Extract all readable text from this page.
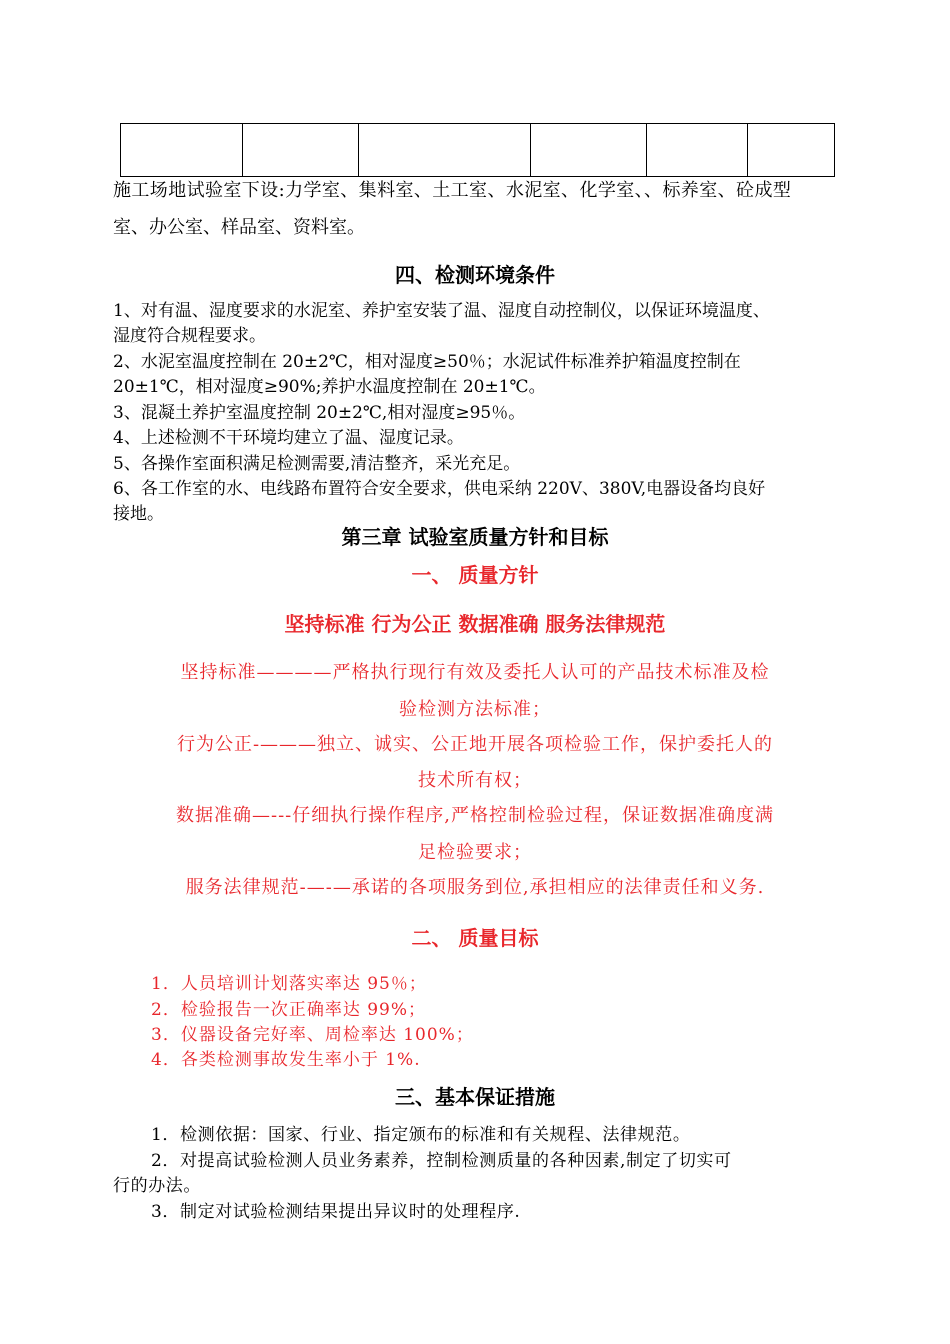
施工场地试验室下设:力学室、集料室、土工室、水泥室、化学室、、标养室、砼成型
室、办公室、样品室、资料室。
四、检测环境条件
1、对有温、湿度要求的水泥室、养护室安装了温、湿度自动控制仪，以保证环境温度、
湿度符合规程要求。
2、水泥室温度控制在 20±2℃，相对湿度≥50％；水泥试件标准养护箱温度控制在
20±1℃，相对湿度≥90%;养护水温度控制在 20±1℃。
3、混凝土养护室温度控制 20±2℃,相对湿度≥95％。
4、上述检测不干环境均建立了温、湿度记录。
5、各操作室面积满足检测需要,清洁整齐，采光充足。
6、各工作室的水、电线路布置符合安全要求，供电采纳 220V、380V,电器设备均良好
接地。
第三章 试验室质量方针和目标
一、 质量方针
坚持标准 行为公正 数据准确 服务法律规范
坚持标准————严格执行现行有效及委托人认可的产品技术标准及检
验检测方法标准；
行为公正-———独立、诚实、公正地开展各项检验工作，保护委托人的
技术所有权；
数据准确—---仔细执行操作程序,严格控制检验过程，保证数据准确度满
足检验要求；
服务法律规范-—-—承诺的各项服务到位,承担相应的法律责任和义务.
二、 质量目标
1．人员培训计划落实率达 95％；
2．检验报告一次正确率达 99%；
3．仪器设备完好率、周检率达 100%；
4．各类检测事故发生率小于 1%.
三、基本保证措施
1．检测依据：国家、行业、指定颁布的标准和有关规程、法律规范。
2．对提高试验检测人员业务素养，控制检测质量的各种因素,制定了切实可
行的办法。
3．制定对试验检测结果提出异议时的处理程序.
